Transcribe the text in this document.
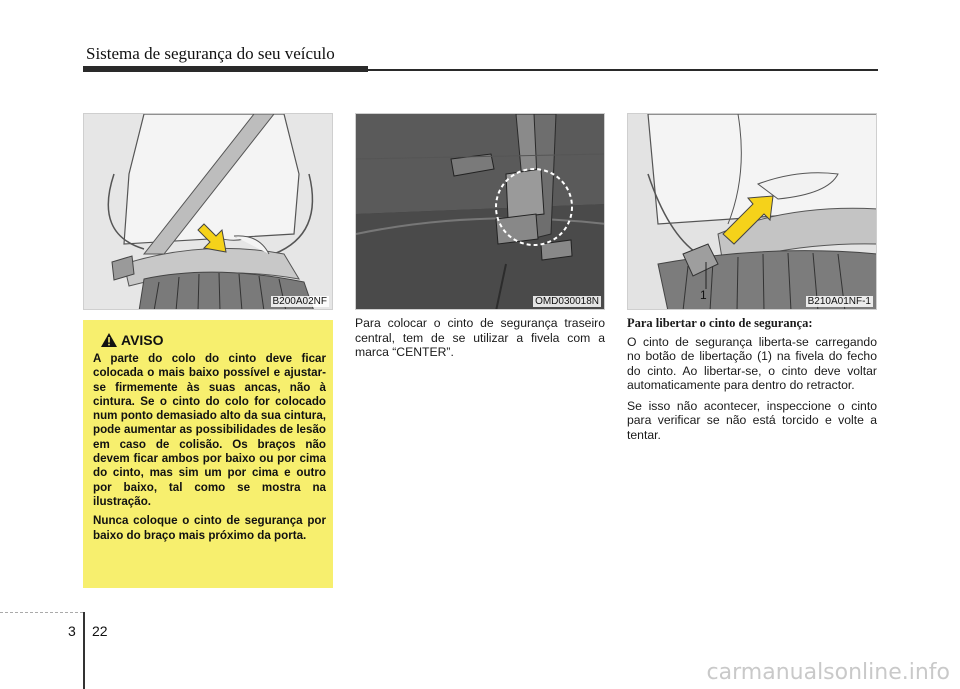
Sistema de segurança do seu veículo
B200A02NF	OMD030018N	1	B210A01NF-1
AVISO

A parte do colo do cinto deve ficar colocada o mais baixo possível e ajustar-se firmemente às suas ancas, não à cintura. Se o cinto do colo for colocado num ponto demasiado alto da sua cintura, pode aumentar as possibilidades de lesão em caso de colisão. Os braços não devem ficar ambos por baixo ou por cima do cinto, mas sim um por cima e outro por baixo, tal como se mostra na ilustração.

Nunca coloque o cinto de segurança por baixo do braço mais próximo da porta.

Para colocar o cinto de segurança traseiro central, tem de se utilizar a fivela com a marca “CENTER”.

Para libertar o cinto de segurança:

O cinto de segurança liberta-se carregando no botão de libertação (1) na fivela do fecho do cinto. Ao libertar-se, o cinto deve voltar automaticamente para dentro do retractor.

Se isso não acontecer, inspeccione o cinto para verificar se não está torcido e volte a tentar.

3 22
carmanualsonline.info
